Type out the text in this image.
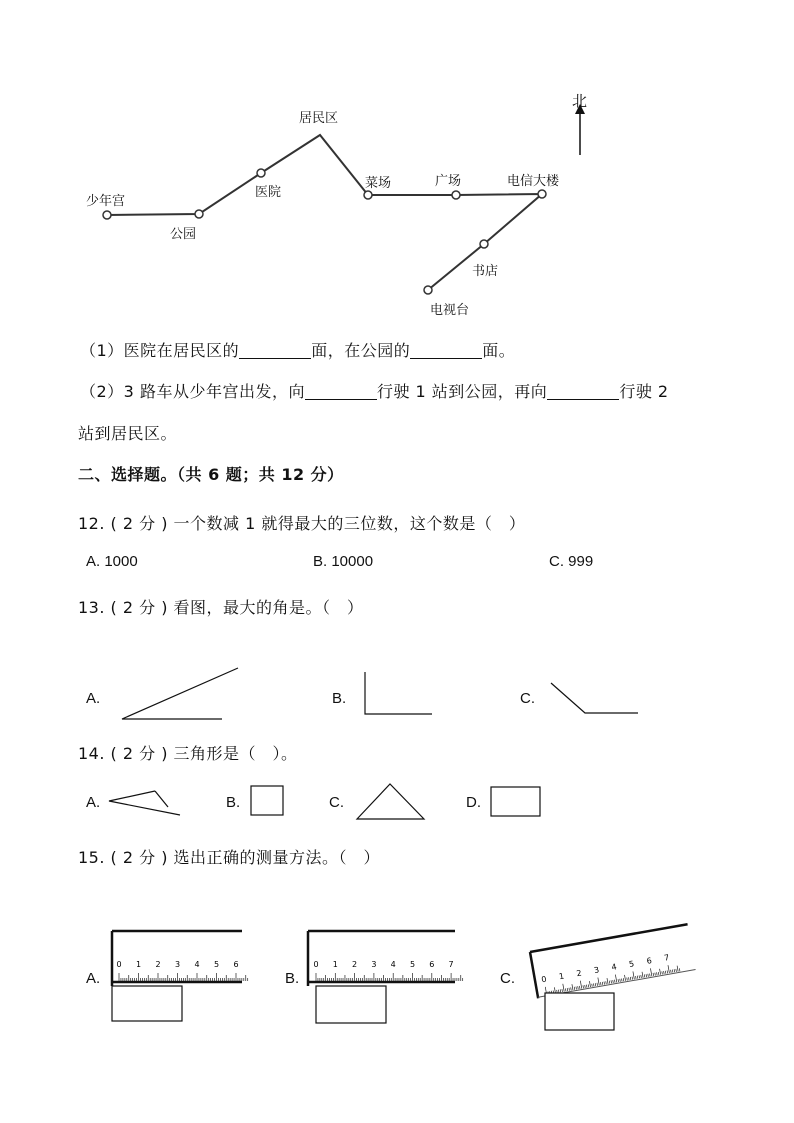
北
少年宫
公园
医院
居民区
菜场	广场	电信大楼
书店
电视台
（1）医院在居民区的	面，在公园的	面。
（2）3 路车从少年宫出发，向	行驶 1 站到公园，再向	行驶 2
站到居民区。
二、选择题。（共 6 题；共 12 分）
12. ( 2 分 ) 一个数减 1 就得最大的三位数，这个数是（　）
A. 1000	B. 10000	C. 999
13. ( 2 分 ) 看图，最大的角是。（　）
A.	B.	C.
14. ( 2 分 ) 三角形是（　）。
A.	B.	C.	D.
15. ( 2 分 ) 选出正确的测量方法。（　）
A.	B.	C.
0 1 2 3 4 5 6	0 1 2 3 4 5 6 7
0 1 2 3 4 5 6 7
